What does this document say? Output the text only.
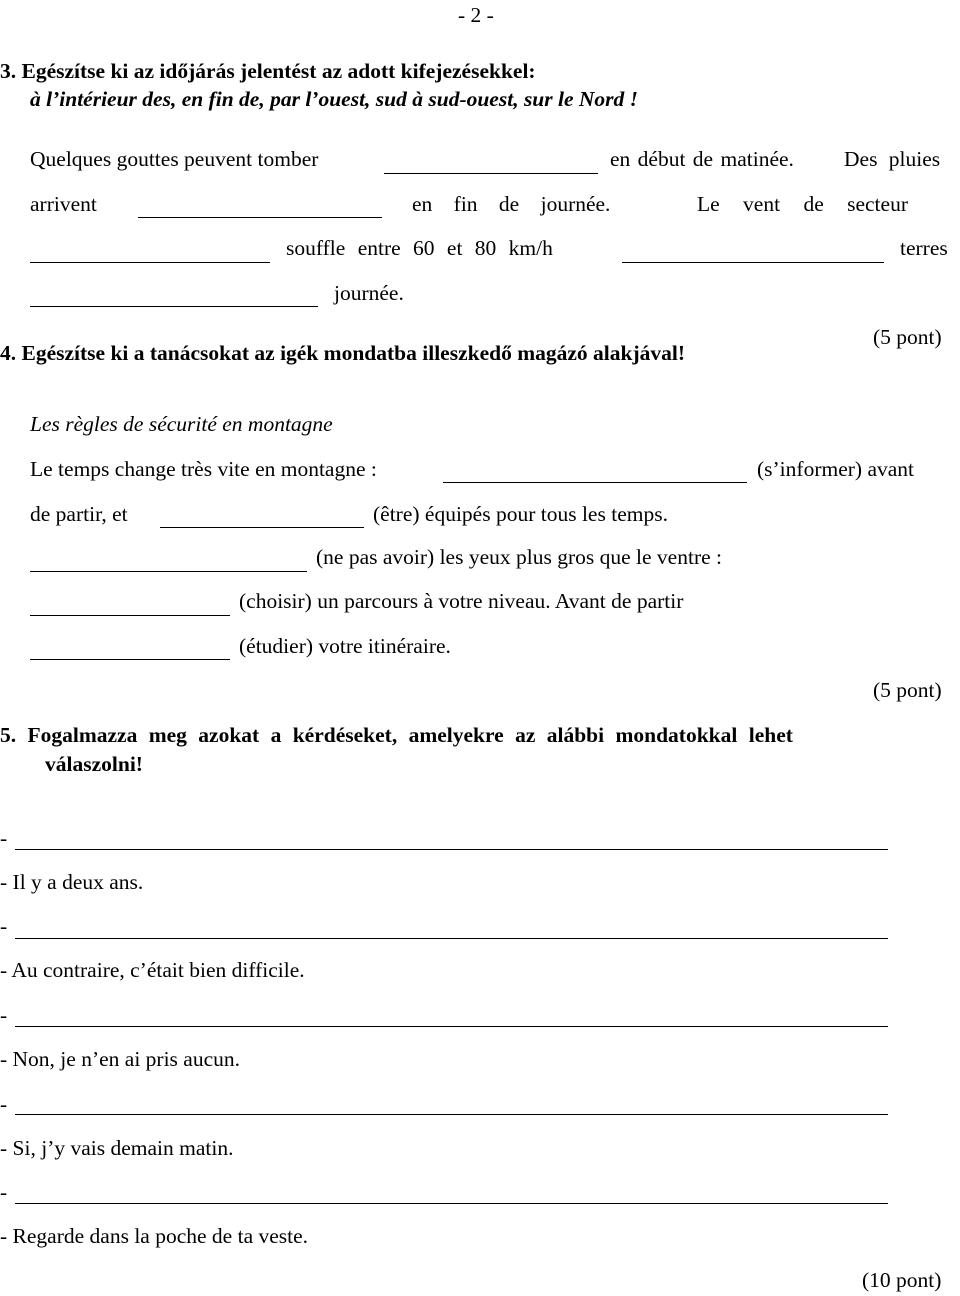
- 2 -
3. Egészítse ki az időjárás jelentést az adott kifejezésekkel:
à l’intérieur des, en fin de, par l’ouest, sud à sud-ouest, sur le Nord !
Quelques gouttes peuvent tomber	en début de matinée. Des pluies
arrivent	en fin de journée.	Le vent de secteur
souffle entre 60 et 80 km/h	terres
journée.
(5 pont)
4. Egészítse ki a tanácsokat az igék mondatba illeszkedő magázó alakjával!
Les règles de sécurité en montagne
Le temps change très vite en montagne :	(s’informer) avant
de partir, et	(être) équipés pour tous les temps.
(ne pas avoir) les yeux plus gros que le ventre :
(choisir) un parcours à votre niveau. Avant de partir
(étudier) votre itinéraire.
(5 pont)
5. Fogalmazza meg azokat a kérdéseket, amelyekre az alábbi mondatokkal lehet
válaszolni!
-
- Il y a deux ans.
-
- Au contraire, c’était bien difficile.
-
- Non, je n’en ai pris aucun.
-
- Si, j’y vais demain matin.
-
- Regarde dans la poche de ta veste.
(10 pont)
